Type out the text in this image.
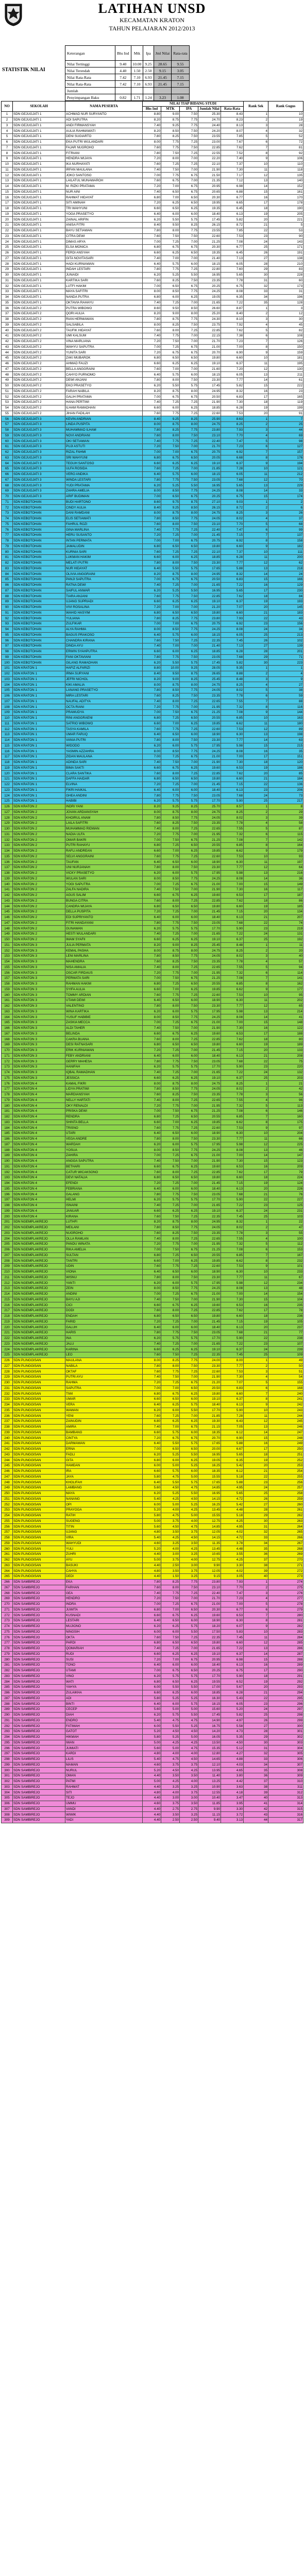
LATIHAN UNSD
KECAMATAN KRATON
TAHUN PELAJARAN 2012/2013
STATISTIK NILAI
Keterangan	Bhs Ind	Mtk	Ipa	Jml Nilai	Rata-rata
Nilai Tertinggi	9.40	10.00	9.25	28.65	9.55
Nilai Terendah	4.40	1.50	2.50	9.15	3.05
Nilai Rata-Rata	7.42	7.10	6.93	21.45	7.15
Nilai Rata-Rata	7.42	7.10	6.93	21.45	7.15
Jumlah					
Penyimpangan Baku	0.82	1.71	1.24	3.23	1.08
NO	SEKOLAH	NAMA PESERTA	NILAI TIAP BIDANG STUDI					Rank Sek	Rank Gugus
			Bhs Ind	MTK	IPA	Jumlah Nilai	Rata-Rata		
1	SDN GEJUGJATI 1	ACHMAD NUR SURYANTO	8.80	9.00	7.50	25.30	8.43	1	10
2	SDN GEJUGJATI 1	ADI SAPUTRA	8.20	8.75	7.75	24.70	8.23	2	19
3	SDN GEJUGJATI 1	ANDI FIRMANSYAH	7.40	9.25	7.75	24.40	8.13	3	28
4	SDN GEJUGJATI 1	AULIA RAHMAWATI	8.20	8.50	7.50	24.20	8.07	4	32
5	SDN GEJUGJATI 1	DENI SUGIARTO	7.80	8.25	7.50	23.55	7.85	5	52
6	SDN GEJUGJATI 1	EKA PUTRI WULANDARI	8.00	7.75	7.25	23.00	7.67	6	72
7	SDN GEJUGJATI 1	FAJAR NUGROHO	7.60	7.75	7.50	22.85	7.62	7	81
8	SDN GEJUGJATI 1	FITRIANI	7.80	7.50	7.25	22.55	7.52	8	92
9	SDN GEJUGJATI 1	HENDRA WIJAYA	7.20	8.00	7.00	22.20	7.40	9	106
10	SDN GEJUGJATI 1	IKA NURHAYATI	7.60	7.25	7.25	22.10	7.37	10	110
11	SDN GEJUGJATI 1	IRFAN MAULANA	7.40	7.50	7.00	21.90	7.30	11	118
12	SDN GEJUGJATI 1	JOKO SANTOSO	7.00	7.75	6.75	21.50	7.17	12	135
13	SDN GEJUGJATI 1	LAILATUL MUNAWAROH	7.60	6.75	7.00	21.35	7.12	13	140
14	SDN GEJUGJATI 1	M. RIZKI PRATAMA	7.20	7.00	6.75	20.95	6.98	14	152
15	SDN GEJUGJATI 1	NUR AINI	7.40	6.50	6.75	20.65	6.88	15	161
16	SDN GEJUGJATI 1	RAHMAT HIDAYAT	6.80	7.00	6.50	20.30	6.77	16	170
17	SDN GEJUGJATI 1	SITI AMINAH	7.20	6.25	6.50	19.95	6.65	17	178
18	SDN GEJUGJATI 1	TRI WAHYUNI	6.60	6.50	6.25	19.35	6.45	18	190
19	SDN GEJUGJATI 1	YOGA PRASETYO	6.40	6.00	6.00	18.40	6.13	19	205
20	SDN GEJUGJATI 1	ZAINAL ARIFIN	6.20	5.50	5.75	17.45	5.82	20	221
21	SDN GEJUGJATI 1	ANISA FITRI	8.40	9.50	8.25	26.15	8.72	21	5
22	SDN GEJUGJATI 1	BAYU SETIAWAN	7.80	8.00	7.75	23.55	7.85	22	53
23	SDN GEJUGJATI 1	CITRA DEWI	7.60	7.50	7.50	22.60	7.53	23	90
24	SDN GEJUGJATI 1	DIMAS ARYA	7.00	7.25	7.00	21.25	7.08	24	143
25	SDN GEJUGJATI 1	ELSA MONICA	6.80	6.75	6.75	20.30	6.77	25	171
26	SDN GEJUGJATI 1	FERDI ANSYAH	6.60	6.25	6.50	19.35	6.45	26	191
27	SDN GEJUGJATI 1	GITA NOVITASARI	7.40	7.00	7.00	21.40	7.13	27	138
28	SDN GEJUGJATI 1	HADI KURNIAWAN	6.40	5.75	6.00	18.15	6.05	28	210
29	SDN GEJUGJATI 1	INDAH LESTARI	7.80	7.75	7.25	22.80	7.60	29	83
30	SDN GEJUGJATI 1	JUNAIDI	6.20	5.25	5.50	16.95	5.65	30	228
31	SDN GEJUGJATI 1	KARTIKA SARI	7.60	8.25	7.50	23.35	7.78	31	60
32	SDN GEJUGJATI 1	LUTFI HAKIM	7.00	6.50	6.75	20.25	6.75	32	173
33	SDN GEJUGJATI 1	MAYA SAFITRI	8.00	8.50	7.75	24.25	8.08	33	31
34	SDN GEJUGJATI 1	NANDA PUTRA	6.80	6.00	6.25	19.05	6.35	34	196
35	SDN GEJUGJATI 1	OKTAVIA RAHAYU	7.40	7.25	7.00	21.65	7.22	35	128
36	SDN GEJUGJATI 2	PUTRA WIBOWO	8.60	9.50	8.50	26.60	8.87	1	3
37	SDN GEJUGJATI 2	QORI AULIA	8.20	9.00	8.00	25.20	8.40	2	12
38	SDN GEJUGJATI 2	RIAN HERMAWAN	7.80	8.75	7.75	24.30	8.10	3	30
39	SDN GEJUGJATI 2	SALSABILA	8.00	8.25	7.50	23.75	7.92	4	45
40	SDN GEJUGJATI 2	TAUFIK HIDAYAT	7.60	8.00	7.25	22.85	7.62	5	82
41	SDN GEJUGJATI 2	UMI KALSUM	7.40	7.75	7.00	22.15	7.38	6	108
42	SDN GEJUGJATI 2	VINA MARLIANA	7.20	7.50	7.00	21.70	7.23	7	126
43	SDN GEJUGJATI 2	WAHYU SAPUTRA	7.00	7.25	6.75	21.00	7.00	8	150
44	SDN GEJUGJATI 2	YUNITA SARI	7.20	6.75	6.75	20.70	6.90	9	159
45	SDN GEJUGJATI 2	ZAKI MUBAROK	6.80	6.50	6.50	19.80	6.60	10	181
46	SDN GEJUGJATI 2	AHMAD FAUZI	6.60	6.25	6.25	19.10	6.37	11	195
47	SDN GEJUGJATI 2	BELLA ANGGRAINI	7.60	7.00	7.00	21.60	7.20	12	130
48	SDN GEJUGJATI 2	CAHYO PURNOMO	6.40	5.75	6.00	18.15	6.05	13	211
49	SDN GEJUGJATI 2	DEWI ANJANI	7.80	8.00	7.50	23.30	7.77	14	61
50	SDN GEJUGJATI 2	EKO PRASETYO	6.20	5.50	5.75	17.45	5.82	15	222
51	SDN GEJUGJATI 2	FARAH NABILA	8.20	8.75	8.00	24.95	8.32	16	23
52	SDN GEJUGJATI 2	GALIH PRATAMA	7.00	6.75	6.75	20.50	6.83	17	165
53	SDN GEJUGJATI 2	HANA PERTIWI	7.40	7.25	7.25	21.90	7.30	18	119
54	SDN GEJUGJATI 2	ILHAM RAMADHAN	6.60	6.00	6.25	18.85	6.28	19	199
55	SDN GEJUGJATI 2	JIHAN FADILAH	7.60	7.75	7.25	22.60	7.53	20	91
56	SDN GEJUGJATI 3	KEVIN ANDRIAN	8.40	9.25	8.25	25.90	8.63	1	7
57	SDN GEJUGJATI 3	LINDA PUSPITA	8.00	8.75	8.00	24.75	8.25	2	25
58	SDN GEJUGJATI 3	MUHAMMAD ILHAM	7.80	8.25	7.75	23.80	7.93	3	44
59	SDN GEJUGJATI 3	NOVI ANDRIANI	7.60	8.00	7.50	23.10	7.70	4	69
60	SDN GEJUGJATI 3	OKI SETIAWAN	7.40	7.75	7.25	22.40	7.47	5	98
61	SDN GEJUGJATI 3	PUJI ASTUTI	7.20	7.50	7.00	21.70	7.23	6	127
62	SDN GEJUGJATI 3	RIZAL FAHMI	7.00	7.00	6.75	20.75	6.92	7	157
63	SDN GEJUGJATI 3	SRI WAHYUNI	6.80	6.75	6.50	20.05	6.68	8	176
64	SDN GEJUGJATI 3	TEGUH SANTOSO	6.60	6.25	6.25	19.10	6.37	9	194
65	SDN GEJUGJATI 3	ULFA ROSIDA	7.60	7.25	7.00	21.85	7.28	10	121
66	SDN GEJUGJATI 3	VERO ANDIKA	6.40	5.75	6.00	18.15	6.05	11	212
67	SDN GEJUGJATI 3	WINDA LESTARI	7.80	7.75	7.50	23.05	7.68	12	70
68	SDN GEJUGJATI 3	YUDI PRATAMA	6.20	5.25	5.50	16.95	5.65	13	229
69	SDN GEJUGJATI 3	ZAHRA AMELIA	8.00	8.50	7.75	24.25	8.08	14	33
70	SDN GEJUGJATI 3	ARIF BUDIMAN	7.00	6.50	6.75	20.25	6.75	15	174
71	SDN KEBOTOHAN	BUDI HARTONO	8.60	9.75	8.75	27.10	9.03	1	2
72	SDN KEBOTOHAN	CINDY AULIA	8.40	9.25	8.50	26.15	8.72	2	6
73	SDN KEBOTOHAN	DANI RAMDANI	8.00	8.75	8.00	24.75	8.25	3	26
74	SDN KEBOTOHAN	ELIS SETIAWATI	7.80	8.50	7.75	24.05	8.02	4	37
75	SDN KEBOTOHAN	FAHRUL ROZI	7.60	8.00	7.50	23.10	7.70	5	68
76	SDN KEBOTOHAN	GINA MARLINA	7.40	7.75	7.25	22.40	7.47	6	99
77	SDN KEBOTOHAN	HERU SUSANTO	7.20	7.25	7.00	21.45	7.15	7	137
78	SDN KEBOTOHAN	INTAN PERMATA	7.00	7.00	6.75	20.75	6.92	8	158
79	SDN KEBOTOHAN	JAMALUDIN	6.80	6.50	6.50	19.80	6.60	9	182
80	SDN KEBOTOHAN	KURNIA SARI	7.60	7.25	7.25	22.10	7.37	10	111
81	SDN KEBOTOHAN	LUKMAN HAKIM	6.60	6.00	6.25	18.85	6.28	11	200
82	SDN KEBOTOHAN	MELATI PUTRI	7.80	8.00	7.50	23.30	7.77	12	62
83	SDN KEBOTOHAN	NUR HIDAYAT	6.40	5.50	5.75	17.65	5.88	13	218
84	SDN KEBOTOHAN	OLIVIA ANGGRAINI	8.20	8.75	8.00	24.95	8.32	14	24
85	SDN KEBOTOHAN	PANJI SAPUTRA	7.00	6.75	6.75	20.50	6.83	15	166
86	SDN KEBOTOHAN	RATNA DEWI	7.40	7.25	7.00	21.65	7.22	16	129
87	SDN KEBOTOHAN	SAIFUL ANWAR	6.20	5.25	5.50	16.95	5.65	17	230
88	SDN KEBOTOHAN	TIARA ANJANI	7.60	7.75	7.50	22.85	7.62	18	84
89	SDN KEBOTOHAN	UJANG SUPRIADI	6.60	6.25	6.25	19.10	6.37	19	193
90	SDN KEBOTOHAN	VIVI ROSALINA	7.20	7.00	7.00	21.20	7.07	20	145
91	SDN KEBOTOHAN	WAHID HASYIM	6.80	6.50	6.50	19.80	6.60	21	183
92	SDN KEBOTOHAN	YULIANA	7.80	8.25	7.75	23.80	7.93	22	43
93	SDN KEBOTOHAN	ZULFIKAR	7.00	7.00	6.75	20.75	6.92	23	156
94	SDN KEBOTOHAN	ALYA RAHMA	8.00	8.50	7.75	24.25	8.08	24	34
95	SDN KEBOTOHAN	BAGUS PRAKOSO	6.40	5.75	6.00	18.15	6.05	25	213
96	SDN KEBOTOHAN	CHANDRA KIRANA	7.60	7.50	7.25	22.35	7.45	26	102
97	SDN KEBOTOHAN	DINDA AYU	7.40	7.00	7.00	21.40	7.13	27	139
98	SDN KEBOTOHAN	ERWIN SYAHPUTRA	6.60	6.00	6.25	18.85	6.28	28	201
99	SDN KEBOTOHAN	FANI OKTAVIANI	7.80	7.75	7.50	23.05	7.68	29	71
100	SDN KEBOTOHAN	GILANG RAMADHAN	6.20	5.50	5.75	17.45	5.82	30	223
101	SDN KRATON 1	HAFIZ ALFARIZI	8.80	10.00	9.25	28.05	9.35	1	1
102	SDN KRATON 1	IRMA SURYANI	8.40	9.50	8.75	26.65	8.88	2	4
103	SDN KRATON 1	JEFRI NICHOL	8.20	9.00	8.25	25.45	8.48	3	9
104	SDN KRATON 1	KIKI AMALIA	8.00	8.75	8.00	24.75	8.25	4	27
105	SDN KRATON 1	LANANG PRASETYO	7.80	8.50	7.75	24.05	8.02	5	38
106	SDN KRATON 1	MIRA LESTARI	7.60	8.25	7.50	23.35	7.78	6	59
107	SDN KRATON 1	NAUFAL ADITYA	7.40	8.00	7.25	22.65	7.55	7	88
108	SDN KRATON 1	OCTA RIANI	7.20	7.75	7.00	21.95	7.32	8	116
109	SDN KRATON 1	PRAMUDYA	7.00	7.50	6.75	21.25	7.08	9	144
110	SDN KRATON 1	RINI ANGGRAENI	6.80	7.25	6.50	20.55	6.85	10	163
111	SDN KRATON 1	SATRIO WIBOWO	6.60	7.00	6.25	19.85	6.62	11	180
112	SDN KRATON 1	TASYA KAMILA	7.60	7.75	7.25	22.60	7.53	12	89
113	SDN KRATON 1	UMAR FARUQ	6.40	6.50	6.00	18.90	6.30	13	198
114	SDN KRATON 1	VANIA PUTRI	7.80	8.00	7.50	23.30	7.77	14	63
115	SDN KRATON 1	WIDODO	6.20	6.00	5.75	17.95	5.98	15	215
116	SDN KRATON 1	YASMIN AZZAHRA	8.00	8.50	7.75	24.25	8.08	16	35
117	SDN KRATON 1	ZIDAN MAULANA	7.00	7.25	6.75	21.00	7.00	17	151
118	SDN KRATON 1	ADINDA SARI	7.40	7.50	7.00	21.90	7.30	18	120
119	SDN KRATON 1	BIMA SAKTI	6.60	6.75	6.25	19.60	6.53	19	186
120	SDN KRATON 1	CLARA SANTIKA	7.60	8.00	7.25	22.85	7.62	20	85
121	SDN KRATON 1	DAFFA HAIDAR	6.80	6.50	6.50	19.80	6.60	21	184
122	SDN KRATON 1	ELVINA	7.20	7.25	7.00	21.45	7.15	22	136
123	SDN KRATON 1	FIKRI HAIKAL	6.40	6.00	6.00	18.40	6.13	23	206
124	SDN KRATON 1	GHEA ANDINI	7.80	7.75	7.50	23.05	7.68	24	73
125	SDN KRATON 1	HABIBI	6.20	5.75	5.75	17.70	5.90	25	217
126	SDN KRATON 2	INDRI YANI	8.20	9.25	8.25	25.70	8.57	1	8
127	SDN KRATON 2	JOVAN ARDIANSYAH	8.00	8.75	8.00	24.75	8.25	2	29
128	SDN KRATON 2	KHOIRUL ANAM	7.80	8.50	7.75	24.05	8.02	3	39
129	SDN KRATON 2	LAILA SAFITRI	7.60	8.25	7.50	23.35	7.78	4	58
130	SDN KRATON 2	MUHAMMAD RIDWAN	7.40	8.00	7.25	22.65	7.55	5	87
131	SDN KRATON 2	NADIA ULFA	7.20	7.75	7.00	21.95	7.32	6	115
132	SDN KRATON 2	OMAR BAKRI	7.00	7.50	6.75	21.25	7.08	7	142
133	SDN KRATON 2	PUTRI RAHAYU	6.80	7.25	6.50	20.55	6.85	8	164
134	SDN KRATON 2	RAFLI ANDREAN	6.60	7.00	6.25	19.85	6.62	9	179
135	SDN KRATON 2	SELVI ANGGRAINI	7.60	7.75	7.25	22.60	7.53	10	93
136	SDN KRATON 2	TAUFAN	6.40	6.50	6.00	18.90	6.30	11	197
137	SDN KRATON 2	UNI NURJANAH	7.80	8.00	7.50	23.30	7.77	12	64
138	SDN KRATON 2	VICKY PRASETYO	6.20	6.00	5.75	17.95	5.98	13	216
139	SDN KRATON 2	WULAN SARI	8.00	8.50	7.75	24.25	8.08	14	36
140	SDN KRATON 2	YOGI SAPUTRA	7.00	7.25	6.75	21.00	7.00	15	149
141	SDN KRATON 2	ZALFA NADIRA	7.40	7.50	7.00	21.90	7.30	16	117
142	SDN KRATON 2	AGUS SALIM	6.60	6.75	6.25	19.60	6.53	17	187
143	SDN KRATON 2	BUNGA CITRA	7.60	8.00	7.25	22.85	7.62	18	86
144	SDN KRATON 2	CANDRA WIJAYA	6.80	6.50	6.50	19.80	6.60	19	185
145	SDN KRATON 2	DELLA PUSPITA	7.20	7.25	7.00	21.45	7.15	20	134
146	SDN KRATON 2	EDI SUPRIYANTO	6.40	6.00	6.00	18.40	6.13	21	207
147	SDN KRATON 2	FITRI HANDAYANI	7.80	7.75	7.50	23.05	7.68	22	74
148	SDN KRATON 2	GUNAWAN	6.20	5.75	5.75	17.70	5.90	23	219
149	SDN KRATON 2	HESTI WULANDARI	7.40	7.25	7.00	21.65	7.22	24	131
150	SDN KRATON 2	IMAM SYAFII	6.60	6.25	6.25	19.10	6.37	25	192
151	SDN KRATON 3	JULIA PERMATA	8.20	9.00	8.25	25.45	8.48	1	11
152	SDN KRATON 3	KEMAL PASHA	8.00	8.75	8.00	24.75	8.25	2	20
153	SDN KRATON 3	LENI MARLINA	7.80	8.50	7.75	24.05	8.02	3	40
154	SDN KRATON 3	MAHENDRA	7.60	8.25	7.50	23.35	7.78	4	57
155	SDN KRATON 3	NISA AMALIA	7.40	8.00	7.25	22.65	7.55	5	94
156	SDN KRATON 3	OSCAR FIRDAUS	7.20	7.75	7.00	21.95	7.32	6	114
157	SDN KRATON 3	PERMATA SARI	7.00	7.50	6.75	21.25	7.08	7	141
158	SDN KRATON 3	RAHMAN HAKIM	6.80	7.25	6.50	20.55	6.85	8	162
159	SDN KRATON 3	SYIFA AULIA	6.60	7.00	6.25	19.85	6.62	9	177
160	SDN KRATON 3	TOMMY ARDIAN	7.60	7.75	7.25	22.60	7.53	10	95
161	SDN KRATON 3	UTAMI DEWI	6.40	6.50	6.00	18.90	6.30	11	202
162	SDN KRATON 3	VALENTINO	7.80	8.00	7.50	23.30	7.77	12	65
163	SDN KRATON 3	WINA KARTIKA	6.20	6.00	5.75	17.95	5.98	13	214
164	SDN KRATON 3	YUSUF HABIBIE	8.00	8.50	7.75	24.25	8.08	14	41
165	SDN KRATON 3	ZASKIA MECCA	7.00	7.25	6.75	21.00	7.00	15	148
166	SDN KRATON 3	ALDI TAHER	7.40	7.50	7.00	21.90	7.30	16	122
167	SDN KRATON 3	BELINDA	6.60	6.75	6.25	19.60	6.53	17	188
168	SDN KRATON 3	CAKRA BUANA	7.60	8.00	7.25	22.85	7.62	18	80
169	SDN KRATON 3	DESI RATNASARI	6.80	6.50	6.50	19.80	6.60	19	189
170	SDN KRATON 3	ERIK KURNIAWAN	7.20	7.25	7.00	21.45	7.15	20	133
171	SDN KRATON 3	FEBY ANDRIANI	6.40	6.00	6.00	18.40	6.13	21	208
172	SDN KRATON 3	GERRY MAHESA	7.80	7.75	7.50	23.05	7.68	22	75
173	SDN KRATON 3	HANIFAH	6.20	5.75	5.75	17.70	5.90	23	220
174	SDN KRATON 3	IQBAL RAMADHAN	7.40	7.25	7.00	21.65	7.22	24	132
175	SDN KRATON 3	JESSICA	6.60	6.25	6.25	19.10	6.37	25	203
176	SDN KRATON 4	KAMAL FIKRI	8.00	8.75	8.00	24.75	8.25	1	21
177	SDN KRATON 4	LIDYA PRATIWI	7.80	8.50	7.75	24.05	8.02	2	42
178	SDN KRATON 4	MARDIANSYAH	7.60	8.25	7.50	23.35	7.78	3	56
179	SDN KRATON 4	NELLY HARTATI	7.40	8.00	7.25	22.65	7.55	4	96
180	SDN KRATON 4	OKY RENALDI	7.20	7.75	7.00	21.95	7.32	5	113
181	SDN KRATON 4	PRISKA DEWI	7.00	7.50	6.75	21.25	7.08	6	146
182	SDN KRATON 4	RENDRA	6.80	7.25	6.50	20.55	6.85	7	160
183	SDN KRATON 4	SHINTA BELLA	6.60	7.00	6.25	19.85	6.62	8	175
184	SDN KRATON 4	TRISNO	7.60	7.75	7.25	22.60	7.53	9	97
185	SDN KRATON 4	UTARI	6.40	6.50	6.00	18.90	6.30	10	204
186	SDN KRATON 4	VEGA ANDRE	7.80	8.00	7.50	23.30	7.77	11	66
187	SDN KRATON 4	WARDAH	6.20	6.00	5.75	17.95	5.98	12	225
188	SDN KRATON 4	YOSUA	8.00	8.50	7.75	24.25	8.08	13	46
189	SDN KRATON 4	ZAHIRA	7.00	7.25	6.75	21.00	7.00	14	147
190	SDN KRATON 4	ANGGA SAPUTRA	7.40	7.50	7.00	21.90	7.30	15	123
191	SDN KRATON 4	BETHARI	6.60	6.75	6.25	19.60	6.53	16	209
192	SDN KRATON 4	CATUR WICAKSONO	7.60	8.00	7.25	22.85	7.62	17	79
193	SDN KRATON 4	DEVI NATALIA	6.80	6.50	6.50	19.80	6.60	18	224
194	SDN KRATON 4	EFENDI	7.20	7.25	7.00	21.45	7.15	19	124
195	SDN KRATON 4	FEBRIANA	6.40	6.00	6.00	18.40	6.13	20	226
196	SDN KRATON 4	GALANG	7.80	7.75	7.50	23.05	7.68	21	76
197	SDN KRATON 4	HELMI	6.20	5.75	5.75	17.70	5.90	22	227
198	SDN KRATON 4	ISNAINI	7.40	7.25	7.00	21.65	7.22	23	125
199	SDN KRATON 4	JANUAR	6.60	6.25	6.25	19.10	6.37	24	231
200	SDN KRATON 4	KIRANA	7.60	7.50	7.25	22.35	7.45	25	103
201	SDN NGEMPLAKREJO	LUTHFI	8.20	8.75	8.00	24.95	8.32	1	22
202	SDN NGEMPLAKREJO	MEILANI	7.80	8.50	7.75	24.05	8.02	2	47
203	SDN NGEMPLAKREJO	NUGROHO	7.60	8.25	7.50	23.35	7.78	3	55
204	SDN NGEMPLAKREJO	OLLA RAMLAN	7.40	8.00	7.25	22.65	7.55	4	100
205	SDN NGEMPLAKREJO	PANDU WINATA	7.20	7.75	7.00	21.95	7.32	5	112
206	SDN NGEMPLAKREJO	RIKA AMELIA	7.00	7.50	6.75	21.25	7.08	6	153
207	SDN NGEMPLAKREJO	SULTAN	6.80	7.25	6.50	20.55	6.85	7	167
208	SDN NGEMPLAKREJO	TANTRI	6.60	7.00	6.25	19.85	6.62	8	232
209	SDN NGEMPLAKREJO	UDIN	7.60	7.75	7.25	22.60	7.53	9	101
210	SDN NGEMPLAKREJO	VIONA	6.40	6.50	6.00	18.90	6.30	10	233
211	SDN NGEMPLAKREJO	WISNU	7.80	8.00	7.50	23.30	7.77	11	67
212	SDN NGEMPLAKREJO	YANTI	6.20	6.00	5.75	17.95	5.98	12	234
213	SDN NGEMPLAKREJO	ZEIN	8.00	8.50	7.75	24.25	8.08	13	48
214	SDN NGEMPLAKREJO	ANDINI	7.00	7.25	6.75	21.00	7.00	14	154
215	SDN NGEMPLAKREJO	BAYU AJI	7.40	7.50	7.00	21.90	7.30	15	104
216	SDN NGEMPLAKREJO	CICI	6.60	6.75	6.25	19.60	6.53	16	235
217	SDN NGEMPLAKREJO	DODI	7.60	8.00	7.25	22.85	7.62	17	78
218	SDN NGEMPLAKREJO	ENDAH	6.80	6.50	6.50	19.80	6.60	18	236
219	SDN NGEMPLAKREJO	FARID	7.20	7.25	7.00	21.45	7.15	19	105
220	SDN NGEMPLAKREJO	GALUH	6.40	6.00	6.00	18.40	6.13	20	237
221	SDN NGEMPLAKREJO	HARIS	7.80	7.75	7.50	23.05	7.68	21	77
222	SDN NGEMPLAKREJO	INA	6.20	5.75	5.75	17.70	5.90	22	238
223	SDN NGEMPLAKREJO	JALU	7.40	7.25	7.00	21.65	7.22	23	107
224	SDN NGEMPLAKREJO	KARINA	6.60	6.25	6.25	19.10	6.37	24	239
225	SDN NGEMPLAKREJO	LEO	7.60	7.50	7.25	22.35	7.45	25	109
226	SDN PLINGGISAN	MAULANA	8.00	8.25	7.75	24.00	8.00	1	49
227	SDN PLINGGISAN	NABILA	7.80	8.00	7.50	23.30	7.77	2	50
228	SDN PLINGGISAN	OKTAF	7.60	7.75	7.25	22.60	7.53	3	51
229	SDN PLINGGISAN	PUTRI AYU	7.40	7.50	7.00	21.90	7.30	4	54
230	SDN PLINGGISAN	RAHMA	7.20	7.25	6.75	21.20	7.07	5	155
231	SDN PLINGGISAN	SAPUTRA	7.00	7.00	6.50	20.50	6.83	6	168
232	SDN PLINGGISAN	TIWI	6.80	6.75	6.25	19.80	6.60	7	240
233	SDN PLINGGISAN	UMAR	6.60	6.50	6.00	19.10	6.37	8	241
234	SDN PLINGGISAN	VERA	6.40	6.25	5.75	18.40	6.13	9	242
235	SDN PLINGGISAN	WAWAN	6.20	6.00	5.50	17.70	5.90	10	243
236	SDN PLINGGISAN	YENI	7.60	7.25	7.00	21.85	7.28	11	244
237	SDN PLINGGISAN	ZAINUDIN	6.80	6.25	6.25	19.30	6.43	12	245
238	SDN PLINGGISAN	AMIRA	7.40	7.00	6.75	21.15	7.05	13	246
239	SDN PLINGGISAN	BAMBANG	6.60	5.75	6.00	18.35	6.12	14	247
240	SDN PLINGGISAN	CINTYA	7.20	6.75	6.75	20.70	6.90	15	248
241	SDN PLINGGISAN	DARMAWAN	6.40	5.50	5.75	17.65	5.88	16	249
242	SDN PLINGGISAN	ERNA	7.00	6.50	6.50	20.00	6.67	17	250
243	SDN PLINGGISAN	FADLI	6.20	5.25	5.50	16.95	5.65	18	251
244	SDN PLINGGISAN	GITA	6.80	6.00	6.25	19.05	6.35	19	252
245	SDN PLINGGISAN	HAMDAN	6.00	5.00	5.25	16.25	5.42	20	253
246	SDN PLINGGISAN	IRA	6.60	5.75	6.00	18.35	6.12	21	254
247	SDN PLINGGISAN	JAYA	5.80	4.75	5.00	15.55	5.18	22	255
248	SDN PLINGGISAN	KHOLIFAH	6.40	5.50	5.75	17.65	5.88	23	256
249	SDN PLINGGISAN	LAMBANG	5.60	4.50	4.75	14.85	4.95	24	257
250	SDN PLINGGISAN	MAYA	6.20	5.25	5.50	16.95	5.65	25	258
251	SDN PLINGGISAN	NANANG	5.40	4.25	4.50	14.15	4.72	26	259
252	SDN PLINGGISAN	OPI	6.00	5.00	5.25	16.25	5.42	27	260
253	SDN PLINGGISAN	PRAYOGA	5.20	4.00	4.25	13.45	4.48	28	261
254	SDN PLINGGISAN	RATIH	5.80	4.75	5.00	15.55	5.18	29	262
255	SDN PLINGGISAN	SUGENG	5.00	3.75	4.00	12.75	4.25	30	263
256	SDN PLINGGISAN	TITIN	5.60	4.50	4.75	14.85	4.95	31	264
257	SDN PLINGGISAN	UJANG	4.80	3.50	3.75	12.05	4.02	32	265
258	SDN PLINGGISAN	VIRA	5.40	4.25	4.50	14.15	4.72	33	266
259	SDN PLINGGISAN	WAHYUDI	4.60	3.25	3.50	11.35	3.78	34	267
260	SDN PLINGGISAN	YULI	5.20	4.00	4.25	13.45	4.48	35	268
261	SDN PLINGGISAN	ZUHRI	4.40	3.00	3.25	10.65	3.55	36	269
262	SDN PLINGGISAN	AYU	5.00	3.75	4.00	12.75	4.25	37	270
263	SDN PLINGGISAN	BASUKI	4.40	2.50	3.00	9.90	3.30	38	271
264	SDN PLINGGISAN	CAHYA	4.80	3.50	3.75	12.05	4.02	39	272
265	SDN PLINGGISAN	DEDI	4.40	1.50	3.25	9.15	3.05	40	273
266	SDN SAMBIREJO	EKA	7.80	8.25	7.75	23.80	7.93	1	274
267	SDN SAMBIREJO	FARHAN	7.60	8.00	7.50	23.10	7.70	2	275
268	SDN SAMBIREJO	GEA	7.40	7.75	7.25	22.40	7.47	3	276
269	SDN SAMBIREJO	HENDRO	7.20	7.50	7.00	21.70	7.23	4	277
270	SDN SAMBIREJO	INDRA	7.00	7.25	6.75	21.00	7.00	5	278
271	SDN SAMBIREJO	JUWITA	6.80	7.00	6.50	20.30	6.77	6	279
272	SDN SAMBIREJO	KUSNADI	6.60	6.75	6.25	19.60	6.53	7	280
273	SDN SAMBIREJO	LESTARI	6.40	6.50	6.00	18.90	6.30	8	281
274	SDN SAMBIREJO	MUJIONO	6.20	6.25	5.75	18.20	6.07	9	282
275	SDN SAMBIREJO	NINGSIH	6.00	6.00	5.50	17.50	5.83	10	283
276	SDN SAMBIREJO	OKTA	7.60	7.50	7.25	22.35	7.45	11	284
277	SDN SAMBIREJO	PARDI	6.80	6.50	6.50	19.80	6.60	12	285
278	SDN SAMBIREJO	QOMARIAH	7.40	7.25	7.00	21.65	7.22	13	286
279	SDN SAMBIREJO	RUDI	6.60	6.25	6.25	19.10	6.37	14	287
280	SDN SAMBIREJO	SUSI	7.20	7.00	6.75	20.95	6.98	15	288
281	SDN SAMBIREJO	TONO	6.40	6.00	6.00	18.40	6.13	16	289
282	SDN SAMBIREJO	UTAMI	7.00	6.75	6.50	20.25	6.75	17	290
283	SDN SAMBIREJO	VINO	6.20	5.75	5.75	17.70	5.90	18	291
284	SDN SAMBIREJO	WATI	6.80	6.50	6.25	19.55	6.52	19	292
285	SDN SAMBIREJO	YAHYA	6.00	5.50	5.50	17.00	5.67	20	293
286	SDN SAMBIREJO	ZULAIKHA	6.60	6.25	6.00	18.85	6.28	21	294
287	SDN SAMBIREJO	ADI	5.80	5.25	5.25	16.30	5.43	22	295
288	SDN SAMBIREJO	BINTI	6.40	6.00	5.75	18.15	6.05	23	296
289	SDN SAMBIREJO	CECEP	5.60	5.00	5.00	15.60	5.20	24	297
290	SDN SAMBIREJO	DIAH	6.20	5.75	5.50	17.45	5.82	25	298
291	SDN SAMBIREJO	ENDRO	5.40	4.75	4.75	14.90	4.97	26	299
292	SDN SAMBIREJO	FATIMAH	6.00	5.50	5.25	16.75	5.58	27	300
293	SDN SAMBIREJO	GATOT	5.20	4.50	4.50	14.20	4.73	28	301
294	SDN SAMBIREJO	HIKMAH	5.80	5.25	5.00	16.05	5.35	29	302
295	SDN SAMBIREJO	IWAN	5.00	4.25	4.25	13.50	4.50	30	303
296	SDN SAMBIREJO	JUMIATI	5.60	5.00	4.75	15.35	5.12	31	304
297	SDN SAMBIREJO	KARDI	4.80	4.00	4.00	12.80	4.27	32	305
298	SDN SAMBIREJO	LILIS	5.40	4.75	4.50	14.65	4.88	33	306
299	SDN SAMBIREJO	MAMAN	4.60	3.75	3.75	12.10	4.03	34	307
300	SDN SAMBIREJO	NURUL	5.20	4.50	4.25	13.95	4.65	35	308
301	SDN SAMBIREJO	OMAN	4.40	3.50	3.50	11.40	3.80	36	309
302	SDN SAMBIREJO	PATMI	5.00	4.25	4.00	13.25	4.42	37	310
303	SDN SAMBIREJO	RAHMAT	4.40	3.25	3.25	10.90	3.63	38	311
304	SDN SAMBIREJO	SITI	4.80	4.00	3.75	12.55	4.18	39	312
305	SDN SAMBIREJO	TEJO	4.40	3.00	3.00	10.40	3.47	40	313
306	SDN SAMBIREJO	UMMU	4.60	3.75	3.50	11.85	3.95	41	314
307	SDN SAMBIREJO	VANDI	4.40	2.75	2.75	9.90	3.30	42	315
308	SDN SAMBIREJO	WIWIK	4.40	3.50	3.25	11.15	3.72	43	316
309	SDN SAMBIREJO	YADI	4.40	2.50	2.50	9.40	3.13	44	317
